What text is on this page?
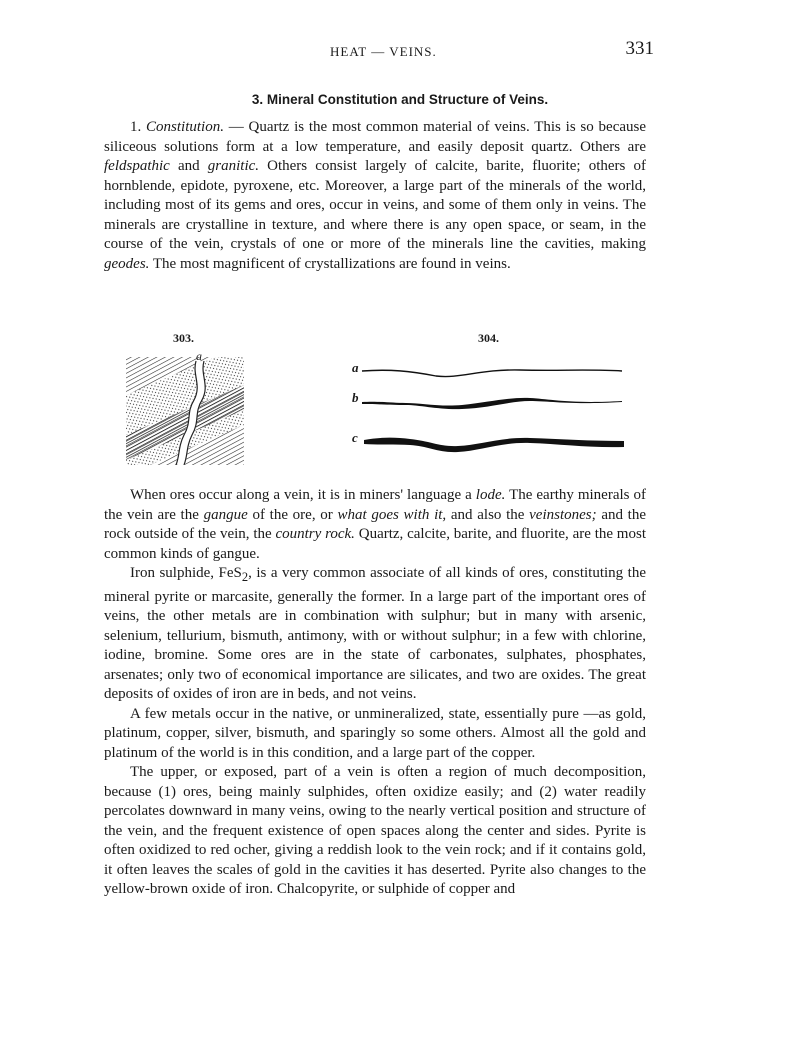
HEAT — VEINS.	331
3. Mineral Constitution and Structure of Veins.

1. Constitution. — Quartz is the most common material of veins. This is so because siliceous solutions form at a low temperature, and easily deposit quartz. Others are feldspathic and granitic. Others consist largely of calcite, barite, fluorite; others of hornblende, epidote, pyroxene, etc. Moreover, a large part of the minerals of the world, including most of its gems and ores, occur in veins, and some of them only in veins. The minerals are crystalline in texture, and where there is any open space, or seam, in the course of the vein, crystals of one or more of the minerals line the cavities, making geodes. The most magnificent of crystallizations are found in veins.

303.
a
304.
a
b
c

When ores occur along a vein, it is in miners' language a lode. The earthy minerals of the vein are the gangue of the ore, or what goes with it, and also the veinstones; and the rock outside of the vein, the country rock. Quartz, calcite, barite, and fluorite, are the most common kinds of gangue.

Iron sulphide, FeS$_2$, is a very common associate of all kinds of ores, constituting the mineral pyrite or marcasite, generally the former. In a large part of the important ores of veins, the other metals are in combination with sulphur; but in many with arsenic, selenium, tellurium, bismuth, antimony, with or without sulphur; in a few with chlorine, iodine, bromine. Some ores are in the state of carbonates, sulphates, phosphates, arsenates; only two of economical importance are silicates, and two are oxides. The great deposits of oxides of iron are in beds, and not veins.

A few metals occur in the native, or unmineralized, state, essentially pure —as gold, platinum, copper, silver, bismuth, and sparingly so some others. Almost all the gold and platinum of the world is in this condition, and a large part of the copper.

The upper, or exposed, part of a vein is often a region of much decomposition, because (1) ores, being mainly sulphides, often oxidize easily; and (2) water readily percolates downward in many veins, owing to the nearly vertical position and structure of the vein, and the frequent existence of open spaces along the center and sides. Pyrite is often oxidized to red ocher, giving a reddish look to the vein rock; and if it contains gold, it often leaves the scales of gold in the cavities it has deserted. Pyrite also changes to the yellow-brown oxide of iron. Chalcopyrite, or sulphide of copper and
